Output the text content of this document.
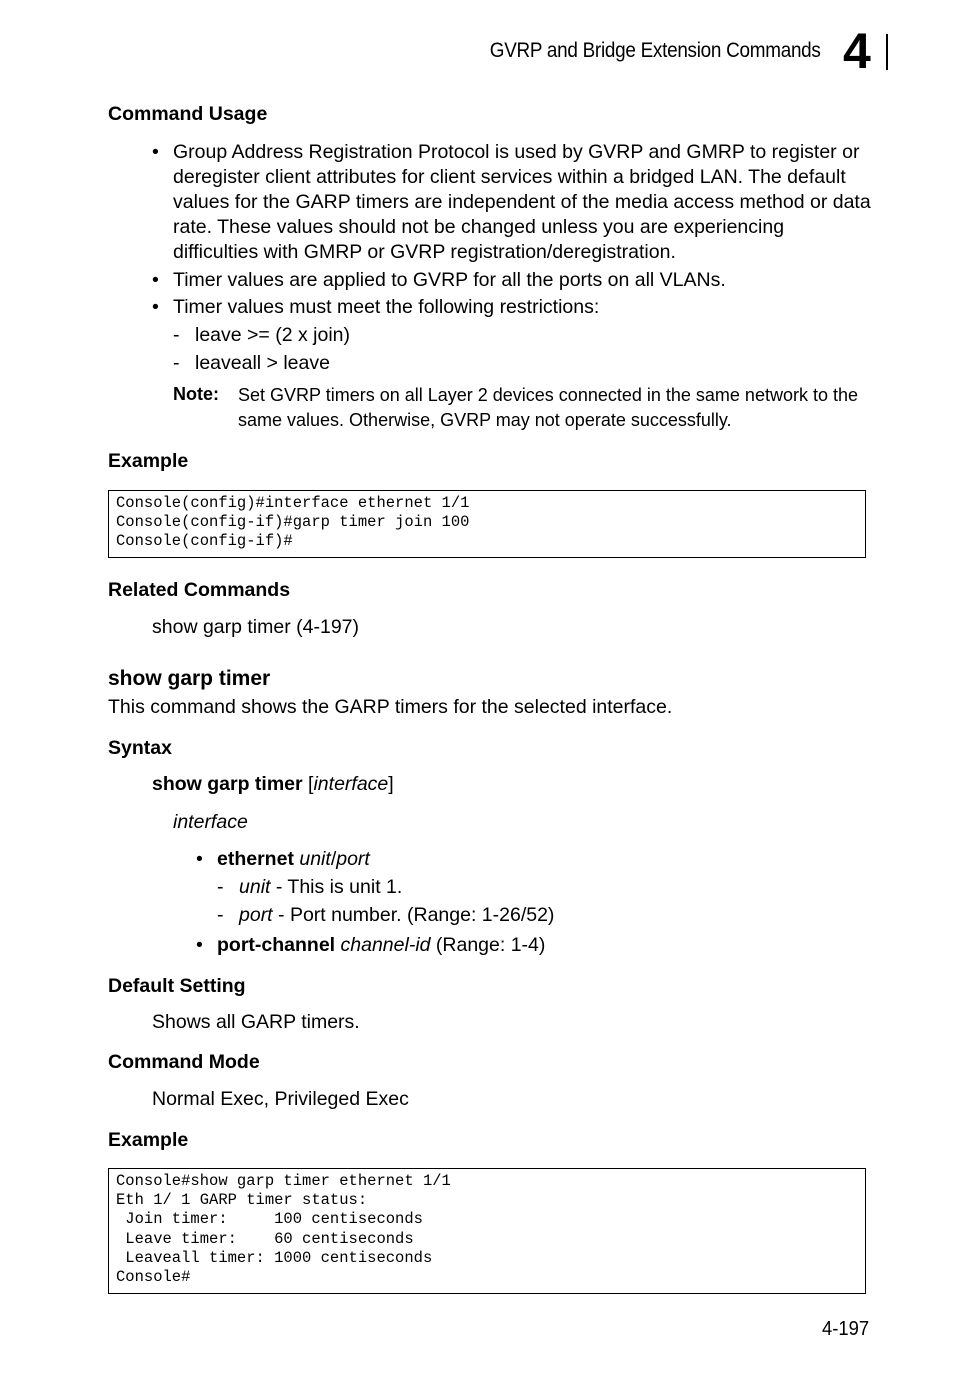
GVRP and Bridge Extension Commands 4
Command Usage
• Group Address Registration Protocol is used by GVRP and GMRP to register or deregister client attributes for client services within a bridged LAN. The default values for the GARP timers are independent of the media access method or data rate. These values should not be changed unless you are experiencing difficulties with GMRP or GVRP registration/deregistration.
• Timer values are applied to GVRP for all the ports on all VLANs.
• Timer values must meet the following restrictions:
- leave >= (2 x join)
- leaveall > leave
Note: Set GVRP timers on all Layer 2 devices connected in the same network to the same values. Otherwise, GVRP may not operate successfully.
Example
Console(config)#interface ethernet 1/1
Console(config-if)#garp timer join 100
Console(config-if)#
Related Commands
show garp timer (4-197)
show garp timer
This command shows the GARP timers for the selected interface.
Syntax
show garp timer [interface]
interface
• ethernet unit/port
- unit - This is unit 1.
- port - Port number. (Range: 1-26/52)
• port-channel channel-id (Range: 1-4)
Default Setting
Shows all GARP timers.
Command Mode
Normal Exec, Privileged Exec
Example
Console#show garp timer ethernet 1/1
Eth 1/ 1 GARP timer status:
Join timer:     100 centiseconds
Leave timer:    60 centiseconds
Leaveall timer: 1000 centiseconds
Console#
4-197
